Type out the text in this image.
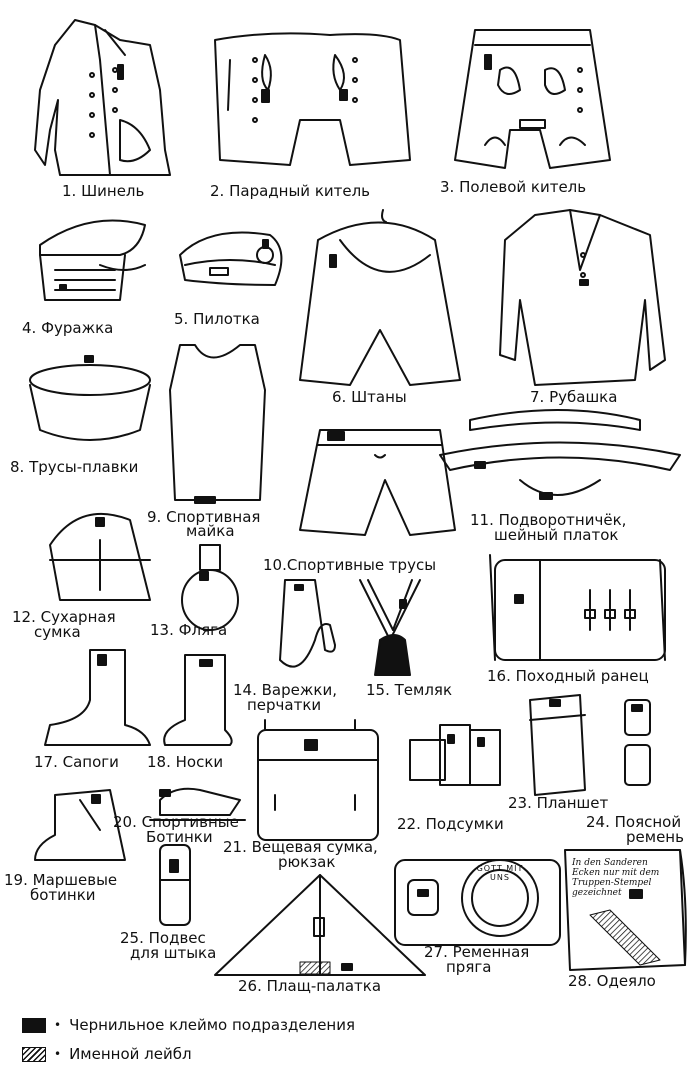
1. Шинель	2. Парадный китель	3. Полевой китель
4. Фуражка	5. Пилотка
6. Штаны	7. Рубашка
8. Трусы-плавки
9. Спортивная
майка
10.Спортивные трусы
11. Подворотничёк,
шейный платок
12. Сухарная
сумка	13. Фляга
14. Варежки,
перчатки
15. Темляк
16. Походный ранец
17. Сапоги 18. Носки
19. Маршевые
ботинки
20. Спортивные
Ботинки
21. Вещевая сумка,
рюкзак
22. Подсумки
23. Планшет
24. Поясной
ремень
25. Подвес
для штыка
26. Плащ-палатка
27. Ременная
пряга
28. Одеяло
In den Sanderen
Ecken nur mit dem
Truppen-Stempel
gezeichnet
GOTT MIT UNS
• Чернильное клеймо подразделения
• Именной лейбл
